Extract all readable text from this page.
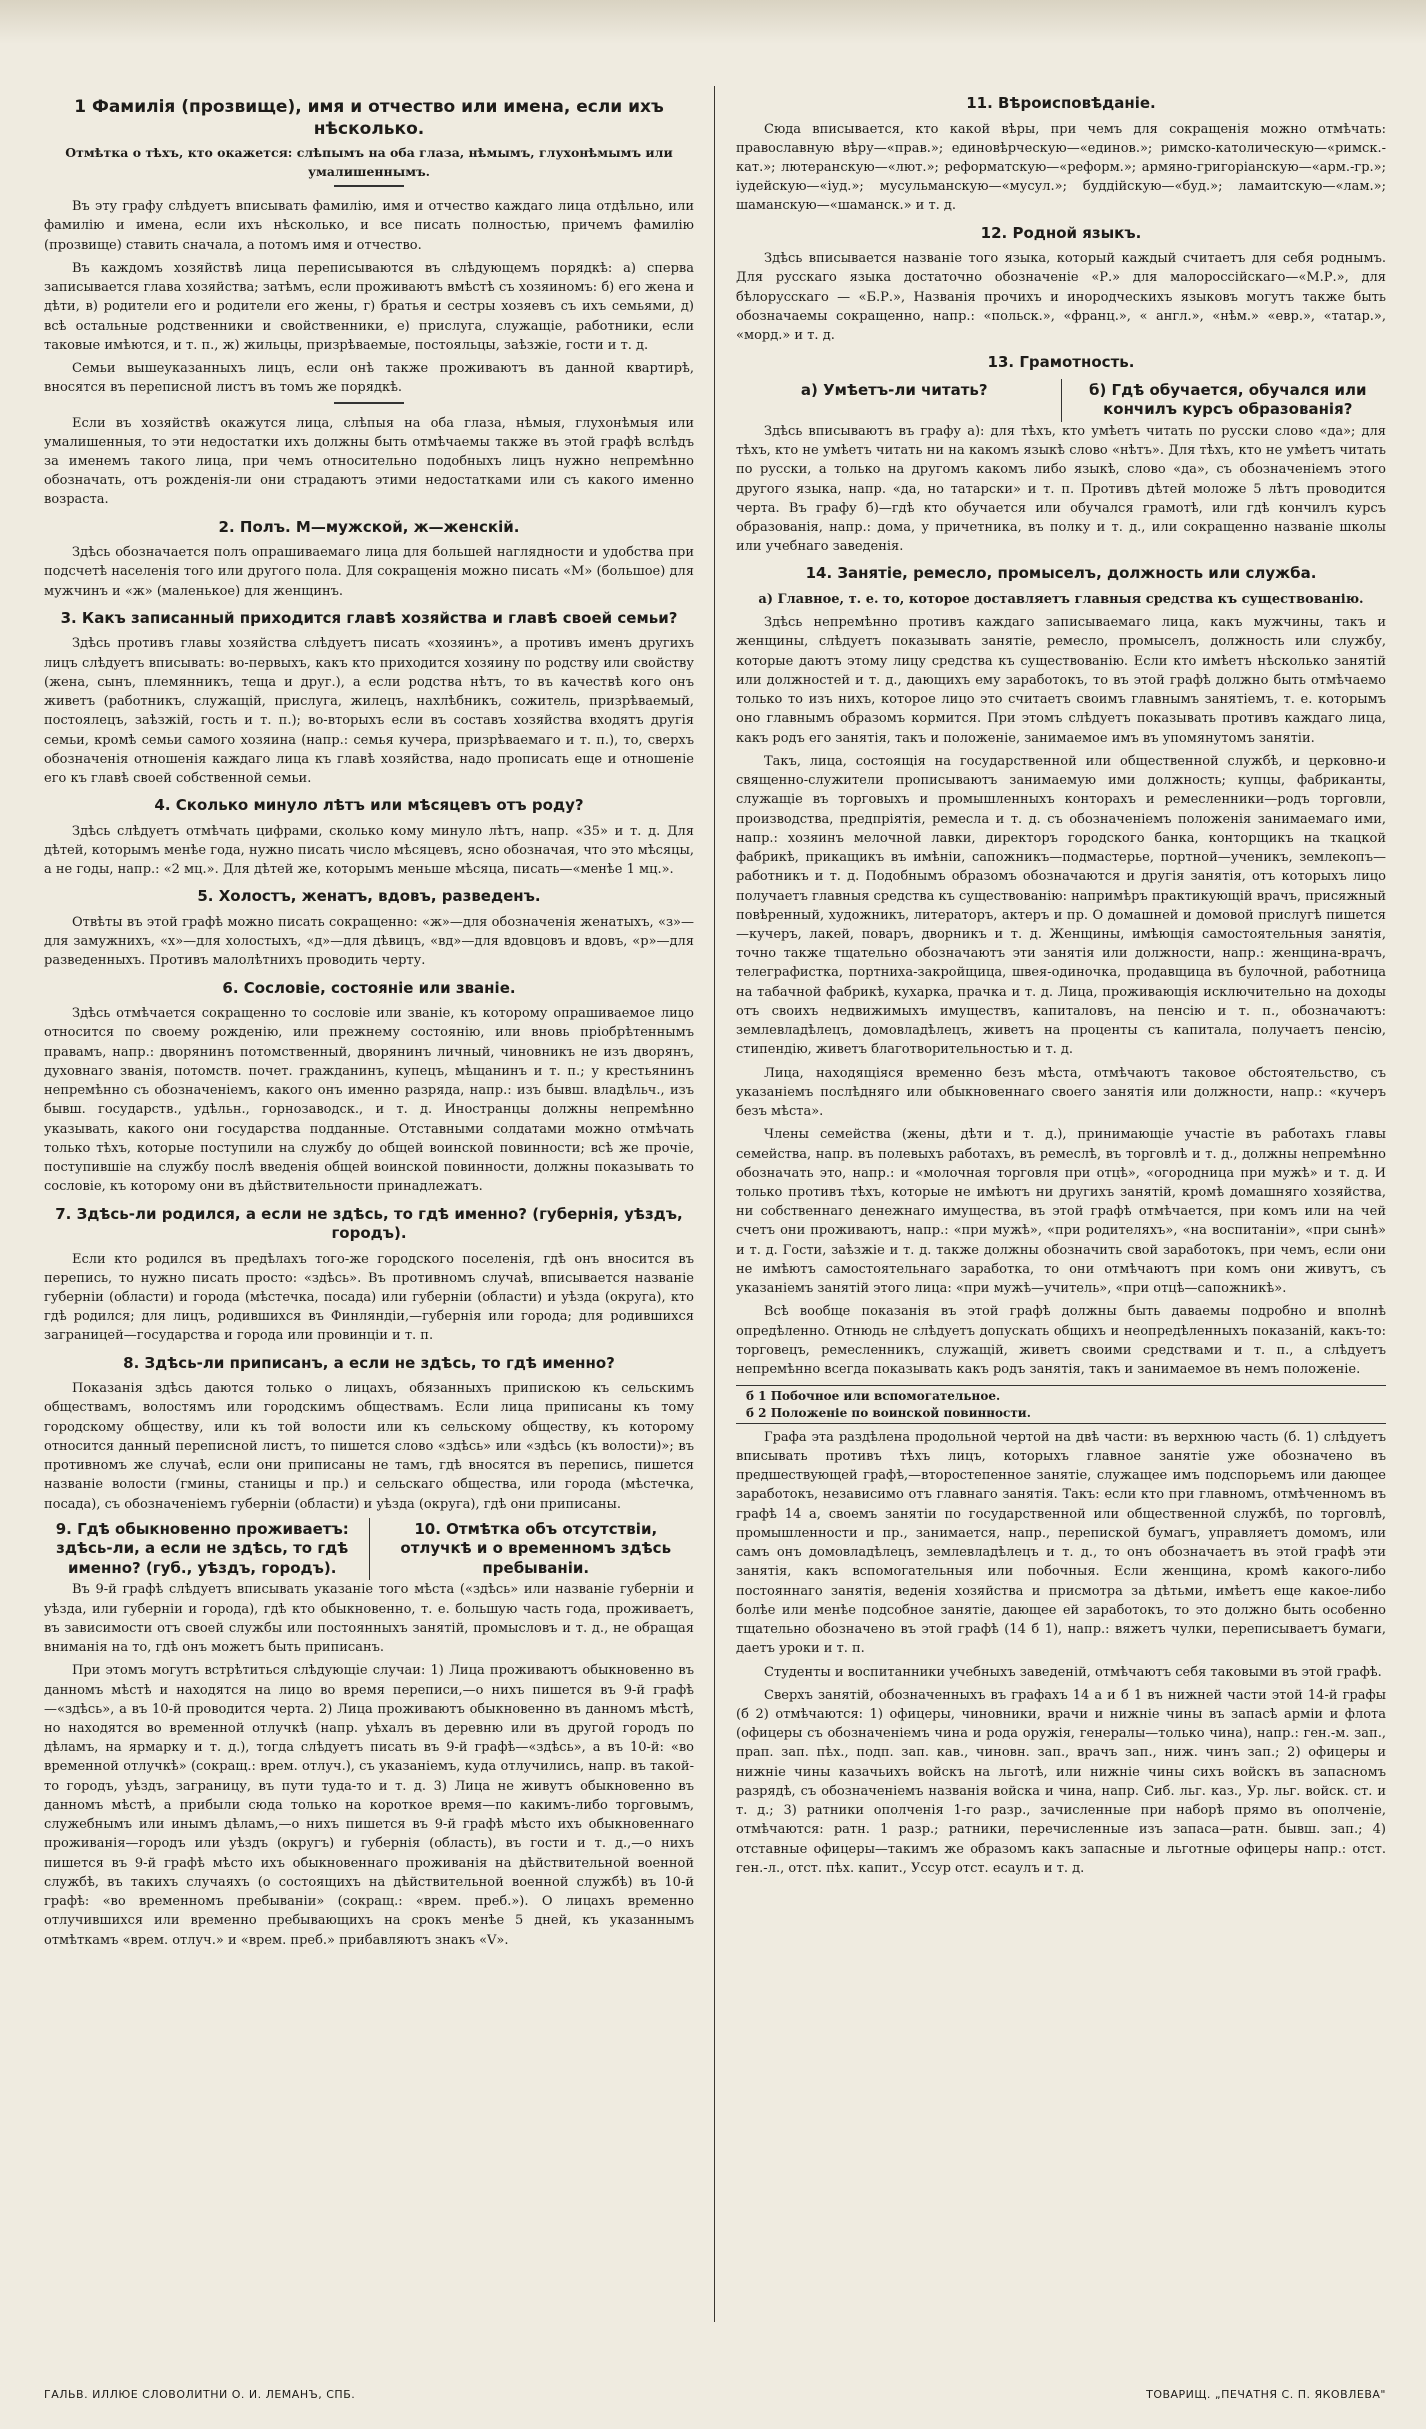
1 Фамилія (прозвище), имя и отчество или имена, если ихъ нѣсколько.

Отмѣтка о тѣхъ, кто окажется: слѣпымъ на оба глаза, нѣмымъ, глухонѣмымъ или умалишеннымъ.

Въ эту графу слѣдуетъ вписывать фамилію, имя и отчество каждаго лица отдѣльно, или фамилію и имена, если ихъ нѣсколько, и все писать полностью, причемъ фамилію (прозвище) ставить сначала, а потомъ имя и отчество.

Въ каждомъ хозяйствѣ лица переписываются въ слѣдующемъ порядкѣ: а) сперва записывается глава хозяйства; затѣмъ, если проживаютъ вмѣстѣ съ хозяиномъ: б) его жена и дѣти, в) родители его и родители его жены, г) братья и сестры хозяевъ съ ихъ семьями, д) всѣ остальные родственники и свойственники, е) прислуга, служащіе, работники, если таковые имѣются, и т. п., ж) жильцы, призрѣваемые, постояльцы, заѣзжіе, гости и т. д.

Семьи вышеуказанныхъ лицъ, если онѣ также проживаютъ въ данной квартирѣ, вносятся въ переписной листъ въ томъ же порядкѣ.

Если въ хозяйствѣ окажутся лица, слѣпыя на оба глаза, нѣмыя, глухонѣмыя или умалишенныя, то эти недостатки ихъ должны быть отмѣчаемы также въ этой графѣ вслѣдъ за именемъ такого лица, при чемъ относительно подобныхъ лицъ нужно непремѣнно обозначать, отъ рожденія-ли они страдаютъ этими недостатками или съ какого именно возраста.

2. Полъ. М—мужской, ж—женскій.

Здѣсь обозначается полъ опрашиваемаго лица для большей наглядности и удобства при подсчетѣ населенія того или другого пола. Для сокращенія можно писать «М» (большое) для мужчинъ и «ж» (маленькое) для женщинъ.

3. Какъ записанный приходится главѣ хозяйства и главѣ своей семьи?

Здѣсь противъ главы хозяйства слѣдуетъ писать «хозяинъ», а противъ именъ другихъ лицъ слѣдуетъ вписывать: во-первыхъ, какъ кто приходится хозяину по родству или свойству (жена, сынъ, племянникъ, теща и друг.), а если родства нѣтъ, то въ качествѣ кого онъ живетъ (работникъ, служащій, прислуга, жилецъ, нахлѣбникъ, сожитель, призрѣваемый, постоялецъ, заѣзжій, гость и т. п.); во-вторыхъ если въ составъ хозяйства входятъ другія семьи, кромѣ семьи самого хозяина (напр.: семья кучера, призрѣваемаго и т. п.), то, сверхъ обозначенія отношенія каждаго лица къ главѣ хозяйства, надо прописать еще и отношеніе его къ главѣ своей собственной семьи.

4. Сколько минуло лѣтъ или мѣсяцевъ отъ роду?

Здѣсь слѣдуетъ отмѣчать цифрами, сколько кому минуло лѣтъ, напр. «35» и т. д. Для дѣтей, которымъ менѣе года, нужно писать число мѣсяцевъ, ясно обозначая, что это мѣсяцы, а не годы, напр.: «2 мц.». Для дѣтей же, которымъ меньше мѣсяца, писать—«менѣе 1 мц.».

5. Холостъ, женатъ, вдовъ, разведенъ.

Отвѣты въ этой графѣ можно писать сокращенно: «ж»—для обозначенія женатыхъ, «з»—для замужнихъ, «х»—для холостыхъ, «д»—для дѣвицъ, «вд»—для вдовцовъ и вдовъ, «р»—для разведенныхъ. Противъ малолѣтнихъ проводить черту.

6. Сословіе, состояніе или званіе.

Здѣсь отмѣчается сокращенно то сословіе или званіе, къ которому опрашиваемое лицо относится по своему рожденію, или прежнему состоянію, или вновь пріобрѣтеннымъ правамъ, напр.: дворянинъ потомственный, дворянинъ личный, чиновникъ не изъ дворянъ, духовнаго званія, потомств. почет. гражданинъ, купецъ, мѣщанинъ и т. п.; у крестьянинъ непремѣнно съ обозначеніемъ, какого онъ именно разряда, напр.: изъ бывш. владѣльч., изъ бывш. государств., удѣльн., горнозаводск., и т. д. Иностранцы должны непремѣнно указывать, какого они государства подданные. Отставными солдатами можно отмѣчать только тѣхъ, которые поступили на службу до общей воинской повинности; всѣ же прочіе, поступившіе на службу послѣ введенія общей воинской повинности, должны показывать то сословіе, къ которому они въ дѣйствительности принадлежатъ.

7. Здѣсь-ли родился, а если не здѣсь, то гдѣ именно? (губернія, уѣздъ, городъ).

Если кто родился въ предѣлахъ того-же городского поселенія, гдѣ онъ вносится въ перепись, то нужно писать просто: «здѣсь». Въ противномъ случаѣ, вписывается названіе губерніи (области) и города (мѣстечка, посада) или губерніи (области) и уѣзда (округа), кто гдѣ родился; для лицъ, родившихся въ Финляндіи,—губернія или города; для родившихся заграницей—государства и города или провинціи и т. п.

8. Здѣсь-ли приписанъ, а если не здѣсь, то гдѣ именно?

Показанія здѣсь даются только о лицахъ, обязанныхъ припискою къ сельскимъ обществамъ, волостямъ или городскимъ обществамъ. Если лица приписаны къ тому городскому обществу, или къ той волости или къ сельскому обществу, къ которому относится данный переписной листъ, то пишется слово «здѣсь» или «здѣсь (къ волости)»; въ противномъ же случаѣ, если они приписаны не тамъ, гдѣ вносятся въ перепись, пишется названіе волости (гмины, станицы и пр.) и сельскаго общества, или города (мѣстечка, посада), съ обозначеніемъ губерніи (области) и уѣзда (округа), гдѣ они приписаны.

9. Гдѣ обыкновенно проживаетъ: здѣсь-ли, а если не здѣсь, то гдѣ именно? (губ., уѣздъ, городъ).
10. Отмѣтка объ отсутствіи, отлучкѣ и о временномъ здѣсь пребываніи.

Въ 9-й графѣ слѣдуетъ вписывать указаніе того мѣста («здѣсь» или названіе губерніи и уѣзда, или губерніи и города), гдѣ кто обыкновенно, т. е. большую часть года, проживаетъ, въ зависимости отъ своей службы или постоянныхъ занятій, промысловъ и т. д., не обращая вниманія на то, гдѣ онъ можетъ быть приписанъ.

При этомъ могутъ встрѣтиться слѣдующіе случаи: 1) Лица проживаютъ обыкновенно въ данномъ мѣстѣ и находятся на лицо во время переписи,—о нихъ пишется въ 9-й графѣ—«здѣсь», а въ 10-й проводится черта. 2) Лица проживаютъ обыкновенно въ данномъ мѣстѣ, но находятся во временной отлучкѣ (напр. уѣхалъ въ деревню или въ другой городъ по дѣламъ, на ярмарку и т. д.), тогда слѣдуетъ писать въ 9-й графѣ—«здѣсь», а въ 10-й: «во временной отлучкѣ» (сокращ.: врем. отлуч.), съ указаніемъ, куда отлучились, напр. въ такой-то городъ, уѣздъ, заграницу, въ пути туда-то и т. д. 3) Лица не живутъ обыкновенно въ данномъ мѣстѣ, а прибыли сюда только на короткое время—по какимъ-либо торговымъ, служебнымъ или инымъ дѣламъ,—о нихъ пишется въ 9-й графѣ мѣсто ихъ обыкновеннаго проживанія—городъ или уѣздъ (округъ) и губернія (область), въ гости и т. д.,—о нихъ пишется въ 9-й графѣ мѣсто ихъ обыкновеннаго проживанія на дѣйствительной военной службѣ, въ такихъ случаяхъ (о состоящихъ на дѣйствительной военной службѣ) въ 10-й графѣ: «во временномъ пребываніи» (сокращ.: «врем. преб.»). О лицахъ временно отлучившихся или временно пребывающихъ на срокъ менѣе 5 дней, къ указаннымъ отмѣткамъ «врем. отлуч.» и «врем. преб.» прибавляютъ знакъ «V».

11. Вѣроисповѣданіе.

Сюда вписывается, кто какой вѣры, при чемъ для сокращенія можно отмѣчать: православную вѣру—«прав.»; единовѣрческую—«единов.»; римско-католическую—«римск.-кат.»; лютеранскую—«лют.»; реформатскую—«реформ.»; армяно-григоріанскую—«арм.-гр.»; іудейскую—«іуд.»; мусульманскую—«мусул.»; буддійскую—«буд.»; ламаитскую—«лам.»; шаманскую—«шаманск.» и т. д.

12. Родной языкъ.

Здѣсь вписывается названіе того языка, который каждый считаетъ для себя роднымъ. Для русскаго языка достаточно обозначеніе «Р.» для малороссійскаго—«М.Р.», для бѣлорусскаго — «Б.Р.», Названія прочихъ и инородческихъ языковъ могутъ также быть обозначаемы сокращенно, напр.: «польск.», «франц.», « англ.», «нѣм.» «евр.», «татар.», «морд.» и т. д.

13. Грамотность.
а) Умѣетъ-ли читать?	б) Гдѣ обучается, обучался или кончилъ курсъ образованія?

Здѣсь вписываютъ въ графу а): для тѣхъ, кто умѣетъ читать по русски слово «да»; для тѣхъ, кто не умѣетъ читать ни на какомъ языкѣ слово «нѣтъ». Для тѣхъ, кто не умѣетъ читать по русски, а только на другомъ какомъ либо языкѣ, слово «да», съ обозначеніемъ этого другого языка, напр. «да, но татарски» и т. п. Противъ дѣтей моложе 5 лѣтъ проводится черта. Въ графу б)—гдѣ кто обучается или обучался грамотѣ, или гдѣ кончилъ курсъ образованія, напр.: дома, у причетника, въ полку и т. д., или сокращенно названіе школы или учебнаго заведенія.

14. Занятіе, ремесло, промыселъ, должность или служба.

а) Главное, т. е. то, которое доставляетъ главныя средства къ существованію.

Здѣсь непремѣнно противъ каждаго записываемаго лица, какъ мужчины, такъ и женщины, слѣдуетъ показывать занятіе, ремесло, промыселъ, должность или службу, которые даютъ этому лицу средства къ существованію. Если кто имѣетъ нѣсколько занятій или должностей и т. д., дающихъ ему заработокъ, то въ этой графѣ должно быть отмѣчаемо только то изъ нихъ, которое лицо это считаетъ своимъ главнымъ занятіемъ, т. е. которымъ оно главнымъ образомъ кормится. При этомъ слѣдуетъ показывать противъ каждаго лица, какъ родъ его занятія, такъ и положеніе, занимаемое имъ въ упомянутомъ занятіи.

Такъ, лица, состоящія на государственной или общественной службѣ, и церковно-и священно-служители прописываютъ занимаемую ими должность; купцы, фабриканты, служащіе въ торговыхъ и промышленныхъ конторахъ и ремесленники—родъ торговли, производства, предпріятія, ремесла и т. д. съ обозначеніемъ положенія занимаемаго ими, напр.: хозяинъ мелочной лавки, директоръ городского банка, конторщикъ на ткацкой фабрикѣ, прикащикъ въ имѣніи, сапожникъ—подмастерье, портной—ученикъ, землекопъ—работникъ и т. д. Подобнымъ образомъ обозначаются и другія занятія, отъ которыхъ лицо получаетъ главныя средства къ существованію: напримѣръ практикующій врачъ, присяжный повѣренный, художникъ, литераторъ, актеръ и пр. О домашней и домовой прислугѣ пишется—кучеръ, лакей, поваръ, дворникъ и т. д. Женщины, имѣющія самостоятельныя занятія, точно также тщательно обозначаютъ эти занятія или должности, напр.: женщина-врачъ, телеграфистка, портниха-закройщица, швея-одиночка, продавщица въ булочной, работница на табачной фабрикѣ, кухарка, прачка и т. д. Лица, проживающія исключительно на доходы отъ своихъ недвижимыхъ имуществъ, капиталовъ, на пенсію и т. п., обозначаютъ: землевладѣлецъ, домовладѣлецъ, живетъ на проценты съ капитала, получаетъ пенсію, стипендію, живетъ благотворительностью и т. д.

Лица, находящіяся временно безъ мѣста, отмѣчаютъ таковое обстоятельство, съ указаніемъ послѣдняго или обыкновеннаго своего занятія или должности, напр.: «кучеръ безъ мѣста».

Члены семейства (жены, дѣти и т. д.), принимающіе участіе въ работахъ главы семейства, напр. въ полевыхъ работахъ, въ ремеслѣ, въ торговлѣ и т. д., должны непремѣнно обозначать это, напр.: и «молочная торговля при отцѣ», «огородница при мужѣ» и т. д. И только противъ тѣхъ, которые не имѣютъ ни другихъ занятій, кромѣ домашняго хозяйства, ни собственнаго денежнаго имущества, въ этой графѣ отмѣчается, при комъ или на чей счетъ они проживаютъ, напр.: «при мужѣ», «при родителяхъ», «на воспитаніи», «при сынѣ» и т. д. Гости, заѣзжіе и т. д. также должны обозначить свой заработокъ, при чемъ, если они не имѣютъ самостоятельнаго заработка, то они отмѣчаютъ при комъ они живутъ, съ указаніемъ занятій этого лица: «при мужѣ—учитель», «при отцѣ—сапожникѣ».

Всѣ вообще показанія въ этой графѣ должны быть даваемы подробно и вполнѣ опредѣленно. Отнюдь не слѣдуетъ допускать общихъ и неопредѣленныхъ показаній, какъ-то: торговецъ, ремесленникъ, служащій, живетъ своими средствами и т. п., а слѣдуетъ непремѣнно всегда показывать какъ родъ занятія, такъ и занимаемое въ немъ положеніе.

б 1 Побочное или вспомогательное.
б 2 Положеніе по воинской повинности.

Графа эта раздѣлена продольной чертой на двѣ части: въ верхнюю часть (б. 1) слѣдуетъ вписывать противъ тѣхъ лицъ, которыхъ главное занятіе уже обозначено въ предшествующей графѣ,—второстепенное занятіе, служащее имъ подспорьемъ или дающее заработокъ, независимо отъ главнаго занятія. Такъ: если кто при главномъ, отмѣченномъ въ графѣ 14 а, своемъ занятіи по государственной или общественной службѣ, по торговлѣ, промышленности и пр., занимается, напр., перепиской бумагъ, управляетъ домомъ, или самъ онъ домовладѣлецъ, землевладѣлецъ и т. д., то онъ обозначаетъ въ этой графѣ эти занятія, какъ вспомогательныя или побочныя. Если женщина, кромѣ какого-либо постояннаго занятія, веденія хозяйства и присмотра за дѣтьми, имѣетъ еще какое-либо болѣе или менѣе подсобное занятіе, дающее ей заработокъ, то это должно быть особенно тщательно обозначено въ этой графѣ (14 б 1), напр.: вяжетъ чулки, переписываетъ бумаги, даетъ уроки и т. п.

Студенты и воспитанники учебныхъ заведеній, отмѣчаютъ себя таковыми въ этой графѣ.

Сверхъ занятій, обозначенныхъ въ графахъ 14 а и б 1 въ нижней части этой 14-й графы (б 2) отмѣчаются: 1) офицеры, чиновники, врачи и нижніе чины въ запасѣ арміи и флота (офицеры съ обозначеніемъ чина и рода оружія, генералы—только чина), напр.: ген.-м. зап., прап. зап. пѣх., подп. зап. кав., чиновн. зап., врачъ зап., ниж. чинъ зап.; 2) офицеры и нижніе чины казачьихъ войскъ на льготѣ, или нижніе чины сихъ войскъ въ запасномъ разрядѣ, съ обозначеніемъ названія войска и чина, напр. Сиб. льг. каз., Ур. льг. войск. ст. и т. д.; 3) ратники ополченія 1-го разр., зачисленные при наборѣ прямо въ ополченіе, отмѣчаются: ратн. 1 разр.; ратники, перечисленные изъ запаса—ратн. бывш. зап.; 4) отставные офицеры—такимъ же образомъ какъ запасные и льготные офицеры напр.: отст. ген.-л., отст. пѣх. капит., Уссур отст. есаулъ и т. д.

ГАЛЬВ. ИЛЛЮЕ СЛОВОЛИТНИ О. И. ЛЕМАНЪ, СПБ.	ТОВАРИЩ. „ПЕЧАТНЯ С. П. ЯКОВЛЕВА"
